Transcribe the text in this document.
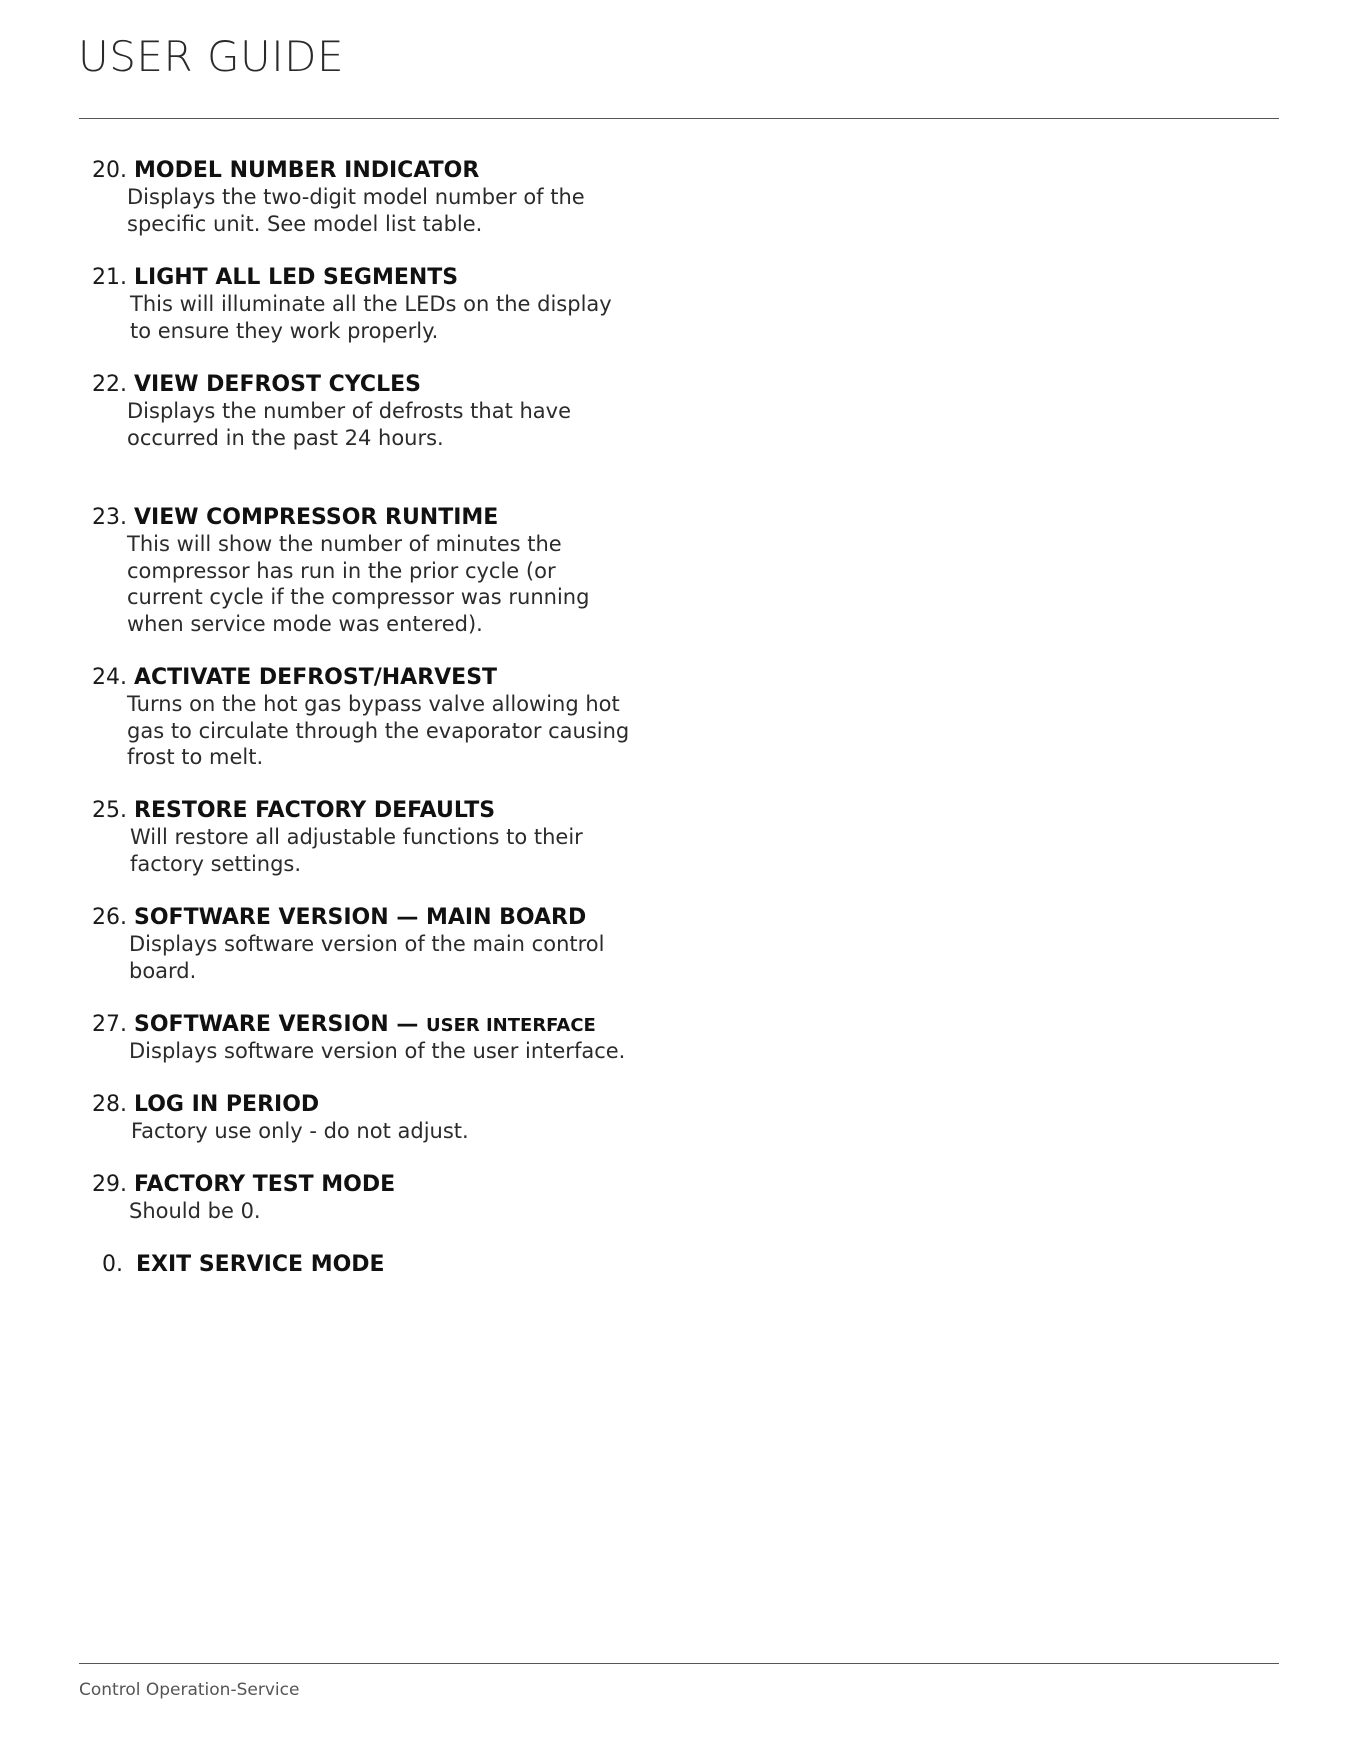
USER GUIDE
20. MODEL NUMBER INDICATOR

Displays the two-digit model number of the specific unit. See model list table.

21. LIGHT ALL LED SEGMENTS

This will illuminate all the LEDs on the display to ensure they work properly.

22. VIEW DEFROST CYCLES

Displays the number of defrosts that have occurred in the past 24 hours.

23. VIEW COMPRESSOR RUNTIME

This will show the number of minutes the compressor has run in the prior cycle (or current cycle if the compressor was running when service mode was entered).

24. ACTIVATE DEFROST/HARVEST

Turns on the hot gas bypass valve allowing hot gas to circulate through the evaporator causing frost to melt.

25. RESTORE FACTORY DEFAULTS

Will restore all adjustable functions to their factory settings.

26. SOFTWARE VERSION — MAIN BOARD

Displays software version of the main control board.

27. SOFTWARE VERSION — USER INTERFACE

Displays software version of the user interface.

28. LOG IN PERIOD

Factory use only - do not adjust.

29. FACTORY TEST MODE

Should be 0.

0. EXIT SERVICE MODE
Control Operation-Service
